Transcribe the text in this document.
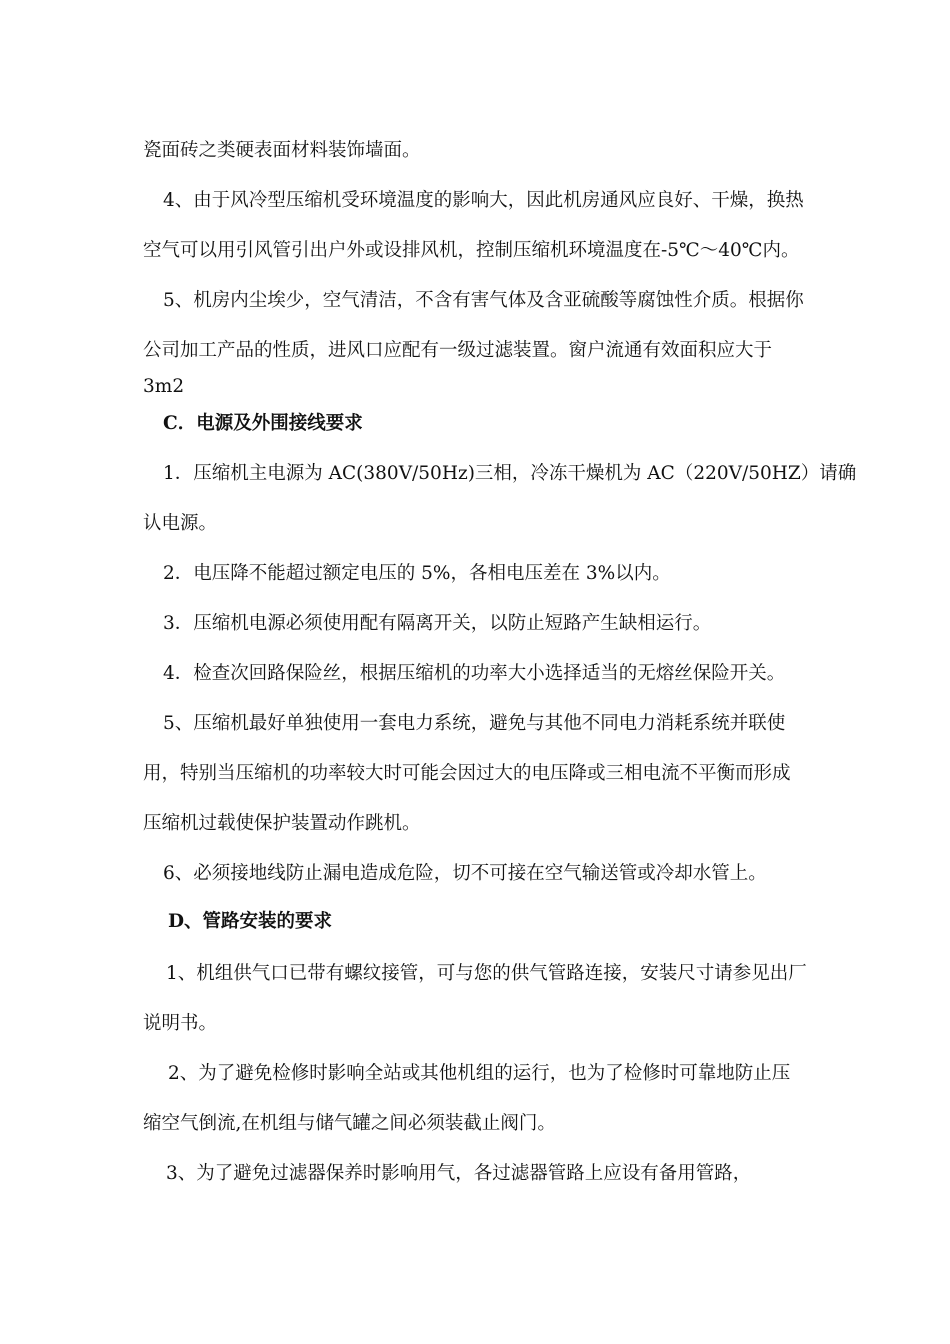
瓷面砖之类硬表面材料装饰墙面。
4、由于风冷型压缩机受环境温度的影响大，因此机房通风应良好、干燥，换热
空气可以用引风管引出户外或设排风机，控制压缩机环境温度在-5℃～40℃内。
5、机房内尘埃少，空气清洁，不含有害气体及含亚硫酸等腐蚀性介质。根据你
公司加工产品的性质，进风口应配有一级过滤装置。窗户流通有效面积应大于
3m2
C．电源及外围接线要求
1．压缩机主电源为 AC(380V/50Hz)三相，冷冻干燥机为 AC（220V/50HZ）请确
认电源。
2．电压降不能超过额定电压的 5%，各相电压差在 3%以内。
3．压缩机电源必须使用配有隔离开关，以防止短路产生缺相运行。
4．检查次回路保险丝，根据压缩机的功率大小选择适当的无熔丝保险开关。
5、压缩机最好单独使用一套电力系统，避免与其他不同电力消耗系统并联使
用，特别当压缩机的功率较大时可能会因过大的电压降或三相电流不平衡而形成
压缩机过载使保护装置动作跳机。
6、必须接地线防止漏电造成危险，切不可接在空气输送管或冷却水管上。
D、管路安装的要求
1、机组供气口已带有螺纹接管，可与您的供气管路连接，安装尺寸请参见出厂
说明书。
2、为了避免检修时影响全站或其他机组的运行，也为了检修时可靠地防止压
缩空气倒流,在机组与储气罐之间必须装截止阀门。
3、为了避免过滤器保养时影响用气，各过滤器管路上应设有备用管路，
